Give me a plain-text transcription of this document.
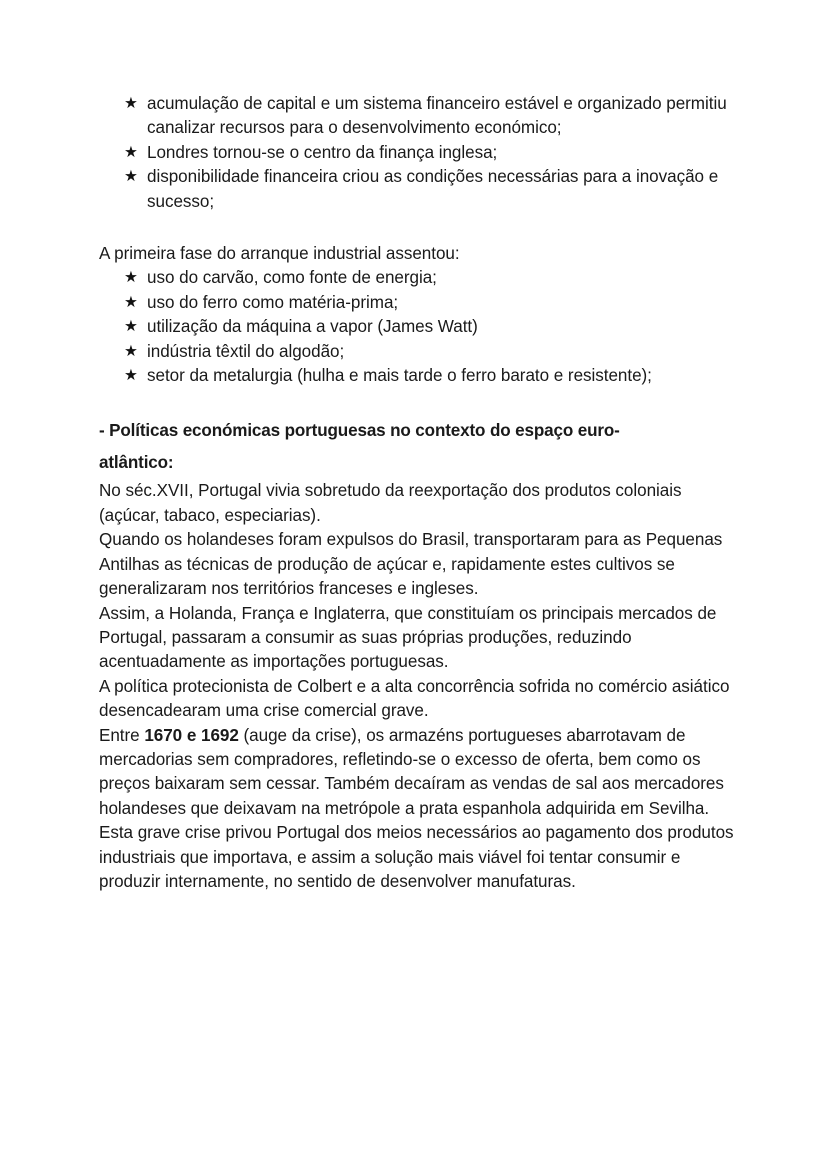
★ acumulação de capital e um sistema financeiro estável e organizado permitiu canalizar recursos para o desenvolvimento económico;
★ Londres tornou-se o centro da finança inglesa;
★ disponibilidade financeira criou as condições necessárias para a inovação e sucesso;

A primeira fase do arranque industrial assentou:

★ uso do carvão, como fonte de energia;
★ uso do ferro como matéria-prima;
★ utilização da máquina a vapor (James Watt)
★ indústria têxtil do algodão;
★ setor da metalurgia (hulha e mais tarde o ferro barato e resistente);
- Políticas económicas portuguesas no contexto do espaço euro-atlântico:

No séc.XVII, Portugal vivia sobretudo da reexportação dos produtos coloniais (açúcar, tabaco, especiarias).

Quando os holandeses foram expulsos do Brasil, transportaram para as Pequenas Antilhas as técnicas de produção de açúcar e, rapidamente estes cultivos se generalizaram nos territórios franceses e ingleses.

Assim, a Holanda, França e Inglaterra, que constituíam os principais mercados de Portugal, passaram a consumir as suas próprias produções, reduzindo acentuadamente as importações portuguesas.

A política protecionista de Colbert e a alta concorrência sofrida no comércio asiático desencadearam uma crise comercial grave.

Entre 1670 e 1692 (auge da crise), os armazéns portugueses abarrotavam de mercadorias sem compradores, refletindo-se o excesso de oferta, bem como os preços baixaram sem cessar. Também decaíram as vendas de sal aos mercadores holandeses que deixavam na metrópole a prata espanhola adquirida em Sevilha.

Esta grave crise privou Portugal dos meios necessários ao pagamento dos produtos industriais que importava, e assim a solução mais viável foi tentar consumir e produzir internamente, no sentido de desenvolver manufaturas.
